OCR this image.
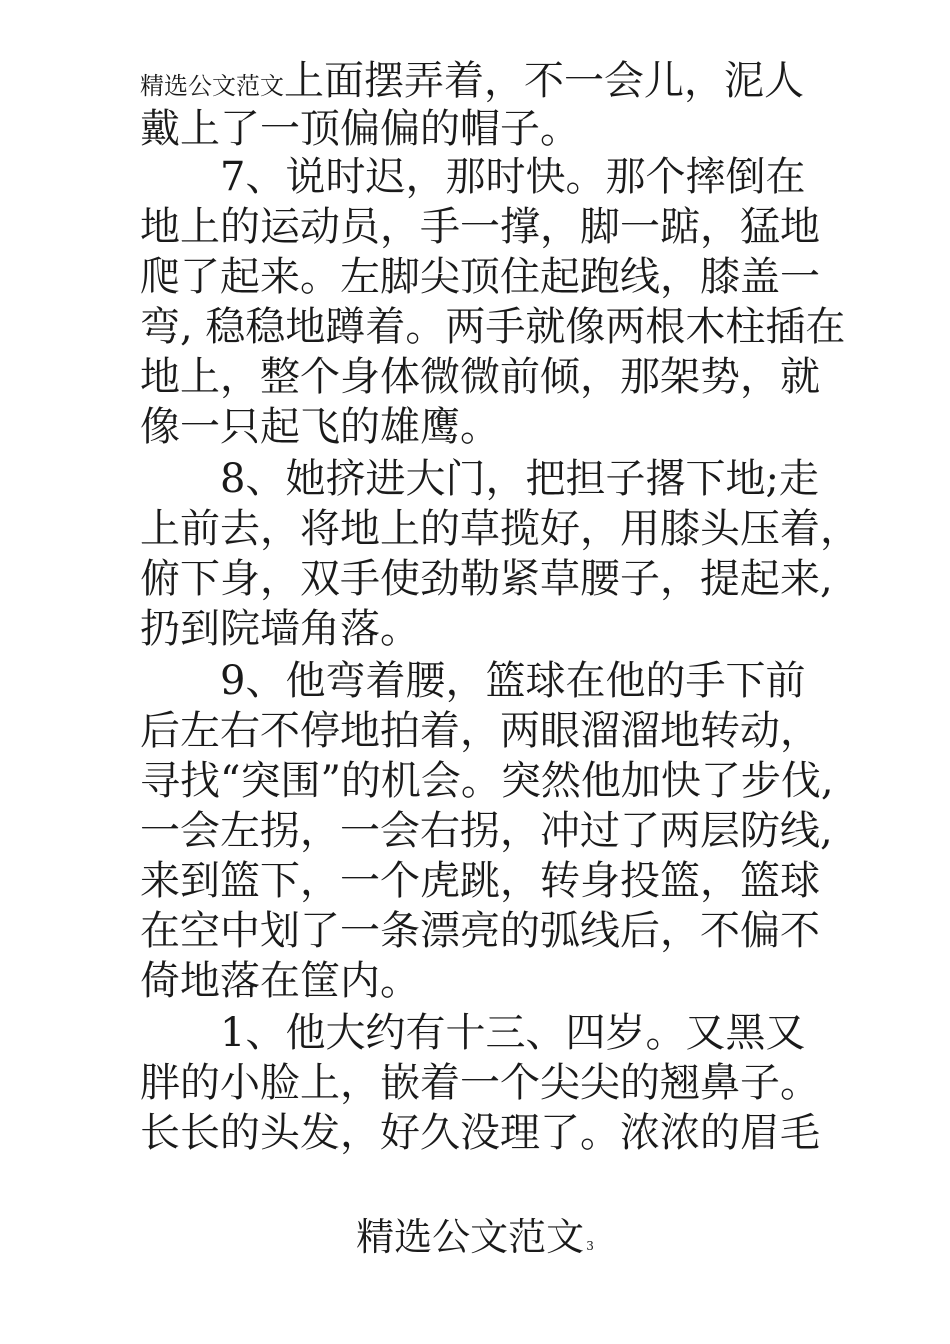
精选公文范文上面摆弄着，不一会儿，泥人
戴上了一顶偏偏的帽子。
　　7、说时迟，那时快。那个摔倒在
地上的运动员，手一撑，脚一踮，猛地
爬了起来。左脚尖顶住起跑线，膝盖一
弯, 稳稳地蹲着。两手就像两根木柱插在
地上，整个身体微微前倾，那架势，就
像一只起飞的雄鹰。
　　8、她挤进大门，把担子撂下地;走
上前去，将地上的草揽好，用膝头压着，
俯下身，双手使劲勒紧草腰子，提起来,
扔到院墙角落。
　　9、他弯着腰，篮球在他的手下前
后左右不停地拍着，两眼溜溜地转动，
寻找“突围”的机会。突然他加快了步伐,
一会左拐，一会右拐，冲过了两层防线,
来到篮下，一个虎跳，转身投篮，篮球
在空中划了一条漂亮的弧线后，不偏不
倚地落在筐内。
　　1、他大约有十三、四岁。又黑又
胖的小脸上，嵌着一个尖尖的翘鼻子。
长长的头发，好久没理了。浓浓的眉毛
精选公文范文 3
